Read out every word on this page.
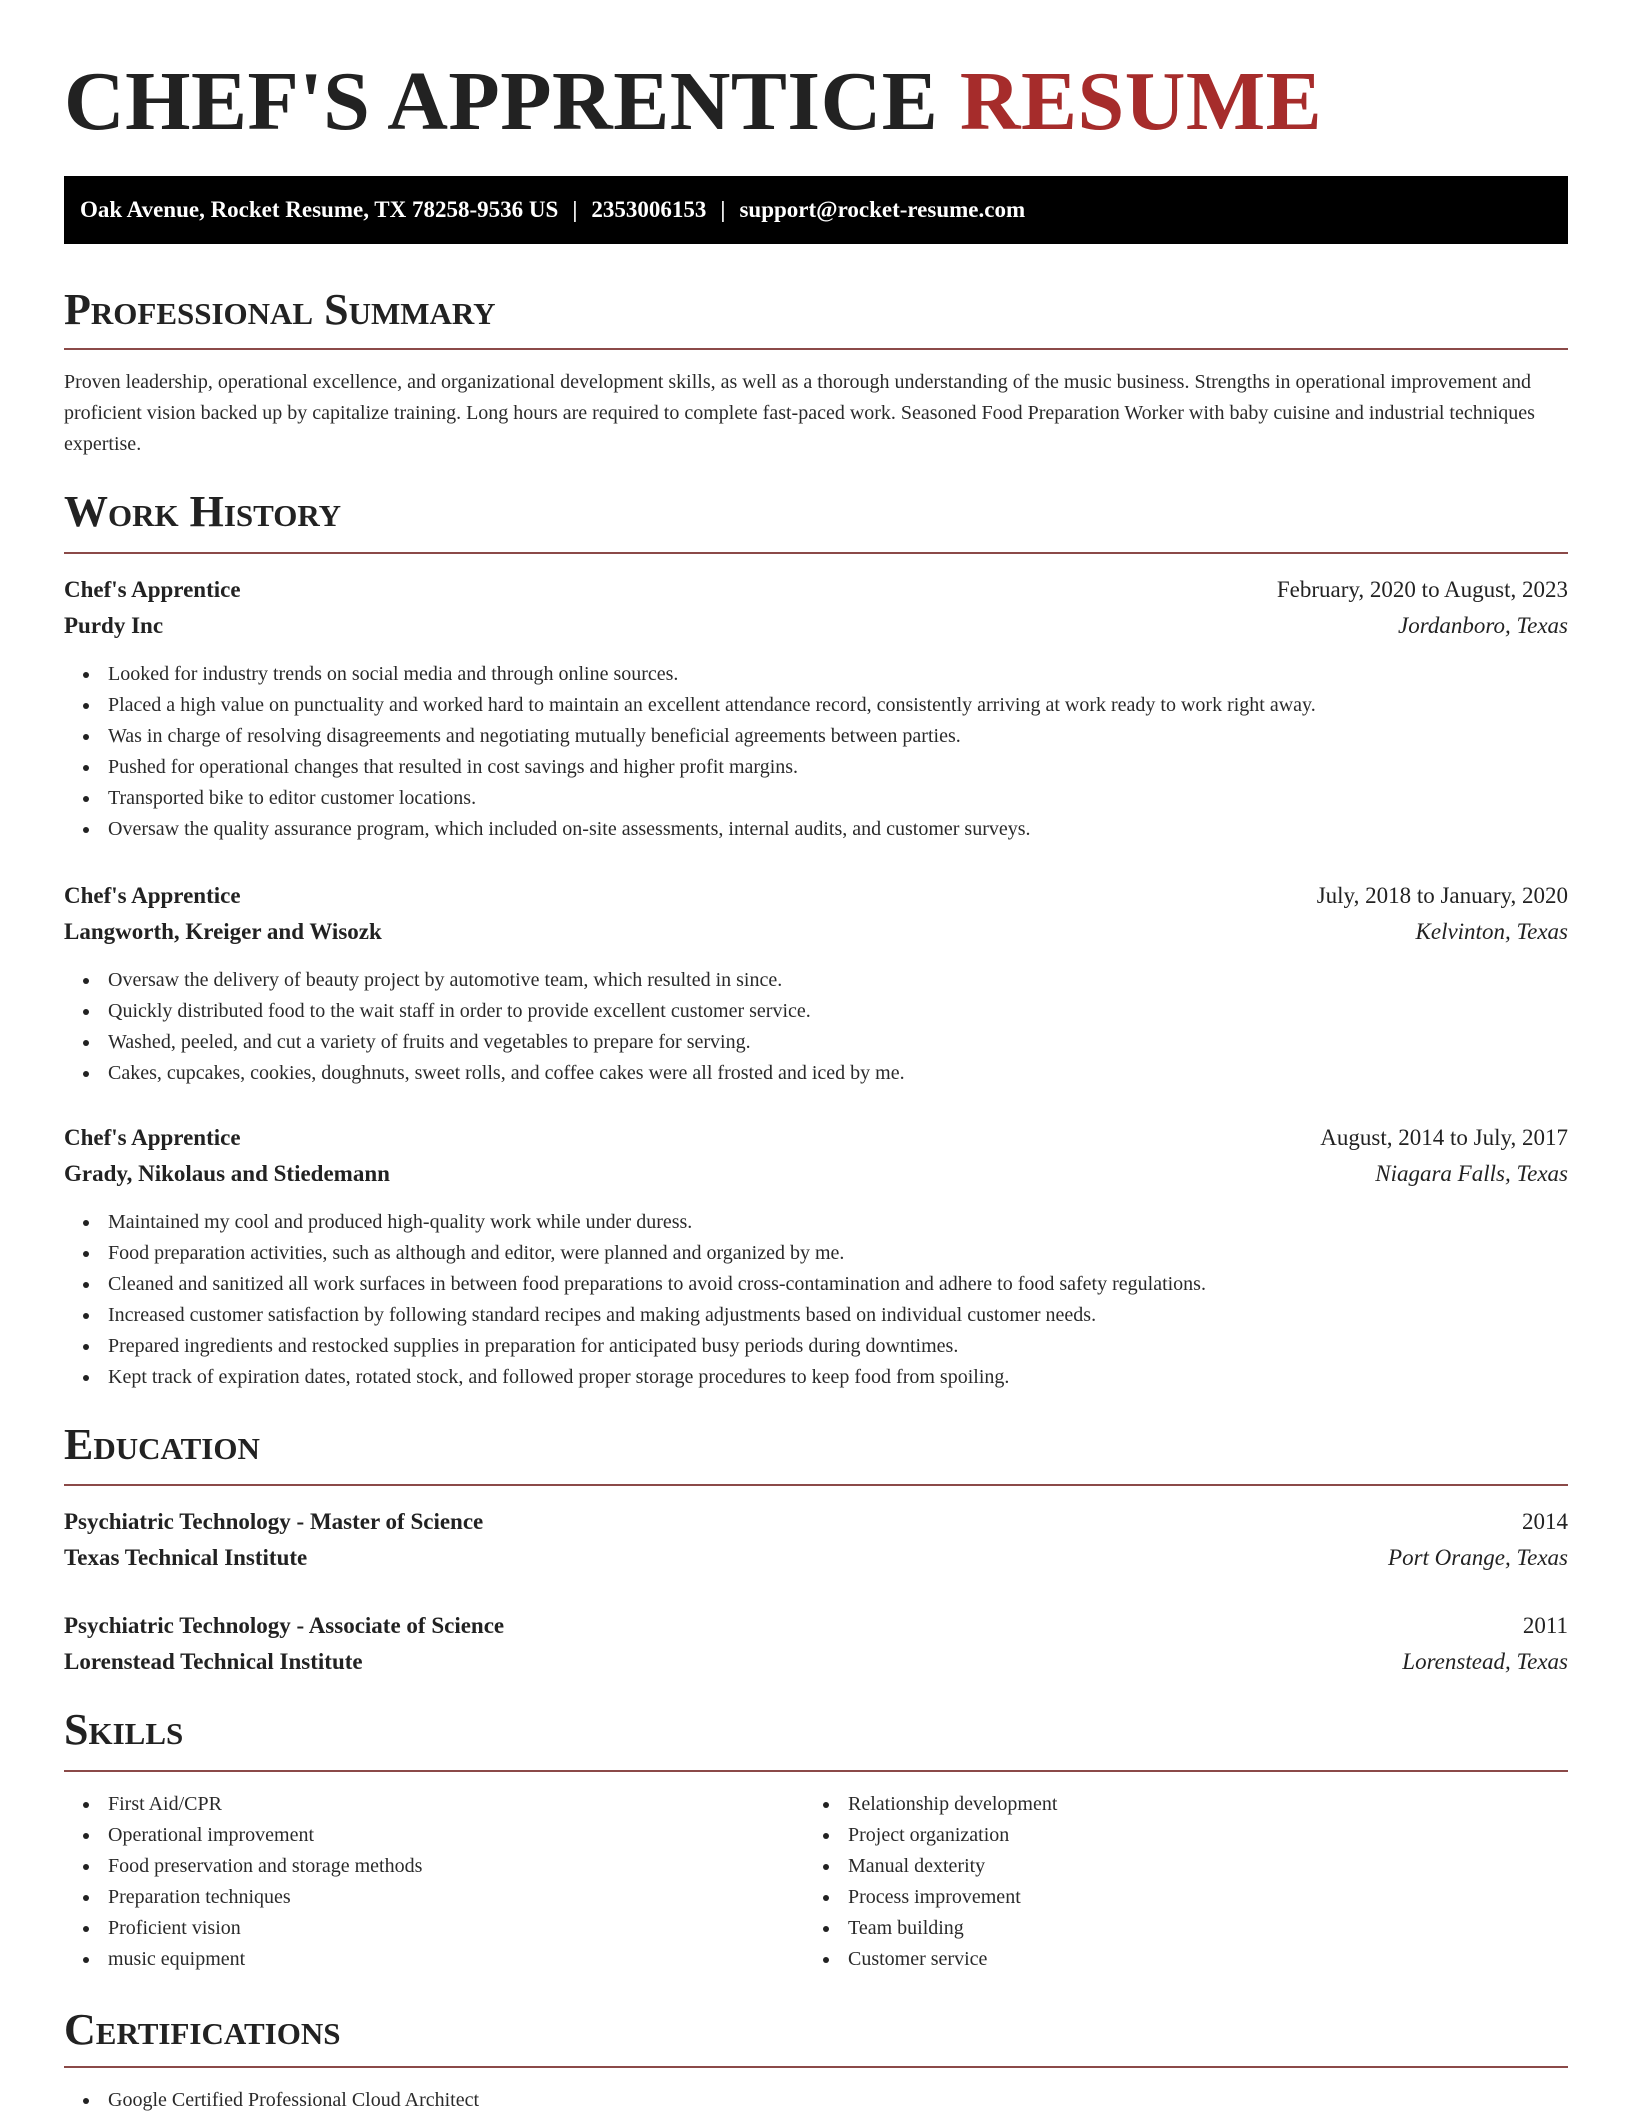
CHEF'S APPRENTICE RESUME
Oak Avenue, Rocket Resume, TX 78258-9536 US | 2353006153 | support@rocket-resume.com
Professional Summary

Proven leadership, operational excellence, and organizational development skills, as well as a thorough understanding of the music business. Strengths in operational improvement and proficient vision backed up by capitalize training. Long hours are required to complete fast-paced work. Seasoned Food Preparation Worker with baby cuisine and industrial techniques expertise.

Work History
Chef's Apprentice	February, 2020 to August, 2023
Purdy Inc	Jordanboro, Texas
Looked for industry trends on social media and through online sources.
Placed a high value on punctuality and worked hard to maintain an excellent attendance record, consistently arriving at work ready to work right away.
Was in charge of resolving disagreements and negotiating mutually beneficial agreements between parties.
Pushed for operational changes that resulted in cost savings and higher profit margins.
Transported bike to editor customer locations.
Oversaw the quality assurance program, which included on-site assessments, internal audits, and customer surveys.
Chef's Apprentice	July, 2018 to January, 2020
Langworth, Kreiger and Wisozk	Kelvinton, Texas
Oversaw the delivery of beauty project by automotive team, which resulted in since.
Quickly distributed food to the wait staff in order to provide excellent customer service.
Washed, peeled, and cut a variety of fruits and vegetables to prepare for serving.
Cakes, cupcakes, cookies, doughnuts, sweet rolls, and coffee cakes were all frosted and iced by me.
Chef's Apprentice	August, 2014 to July, 2017
Grady, Nikolaus and Stiedemann	Niagara Falls, Texas
Maintained my cool and produced high-quality work while under duress.
Food preparation activities, such as although and editor, were planned and organized by me.
Cleaned and sanitized all work surfaces in between food preparations to avoid cross-contamination and adhere to food safety regulations.
Increased customer satisfaction by following standard recipes and making adjustments based on individual customer needs.
Prepared ingredients and restocked supplies in preparation for anticipated busy periods during downtimes.
Kept track of expiration dates, rotated stock, and followed proper storage procedures to keep food from spoiling.
Education
Psychiatric Technology - Master of Science	2014
Texas Technical Institute	Port Orange, Texas
Psychiatric Technology - Associate of Science	2011
Lorenstead Technical Institute	Lorenstead, Texas
Skills
First Aid/CPR
Operational improvement
Food preservation and storage methods
Preparation techniques
Proficient vision
music equipment
Relationship development
Project organization
Manual dexterity
Process improvement
Team building
Customer service
Certifications
Google Certified Professional Cloud Architect
